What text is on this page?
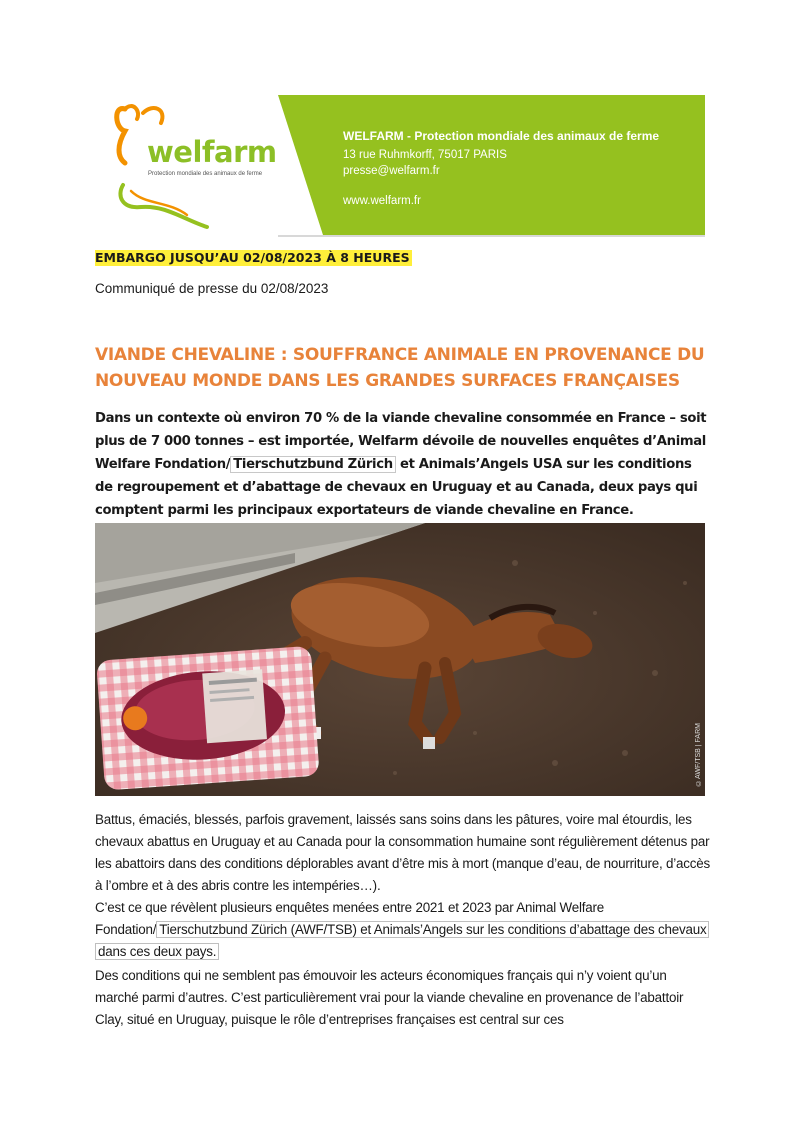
welfarm
Protection mondiale des animaux de ferme
WELFARM - Protection mondiale des animaux de ferme
13 rue Ruhmkorff, 75017 PARIS
presse@welfarm.fr
www.welfarm.fr
EMBARGO JUSQU’AU 02/08/2023 À 8 HEURES
Communiqué de presse du 02/08/2023
VIANDE CHEVALINE : SOUFFRANCE ANIMALE EN PROVENANCE DU NOUVEAU MONDE DANS LES GRANDES SURFACES FRANÇAISES

Dans un contexte où environ 70 % de la viande chevaline consommée en France – soit plus de 7 000 tonnes – est importée, Welfarm dévoile de nouvelles enquêtes d’Animal Welfare Fondation/ Tierschutzbund Zürich et Animals’Angels USA sur les conditions de regroupement et d’abattage de chevaux en Uruguay et au Canada, deux pays qui comptent parmi les principaux exportateurs de viande chevaline en France.

©AWF/TSB | FARM

Battus, émaciés, blessés, parfois gravement, laissés sans soins dans les pâtures, voire mal étourdis, les chevaux abattus en Uruguay et au Canada pour la consommation humaine sont régulièrement détenus par les abattoirs dans des conditions déplorables avant d’être mis à mort (manque d’eau, de nourriture, d’accès à l’ombre et à des abris contre les intempéries…).

C’est ce que révèlent plusieurs enquêtes menées entre 2021 et 2023 par Animal Welfare Fondation/ Tierschutzbund Zürich (AWF/TSB) et Animals’Angels sur les conditions d’abattage des chevaux dans ces deux pays.

Des conditions qui ne semblent pas émouvoir les acteurs économiques français qui n’y voient qu’un marché parmi d’autres. C’est particulièrement vrai pour la viande chevaline en provenance de l’abattoir Clay, situé en Uruguay, puisque le rôle d’entreprises françaises est central sur ces
